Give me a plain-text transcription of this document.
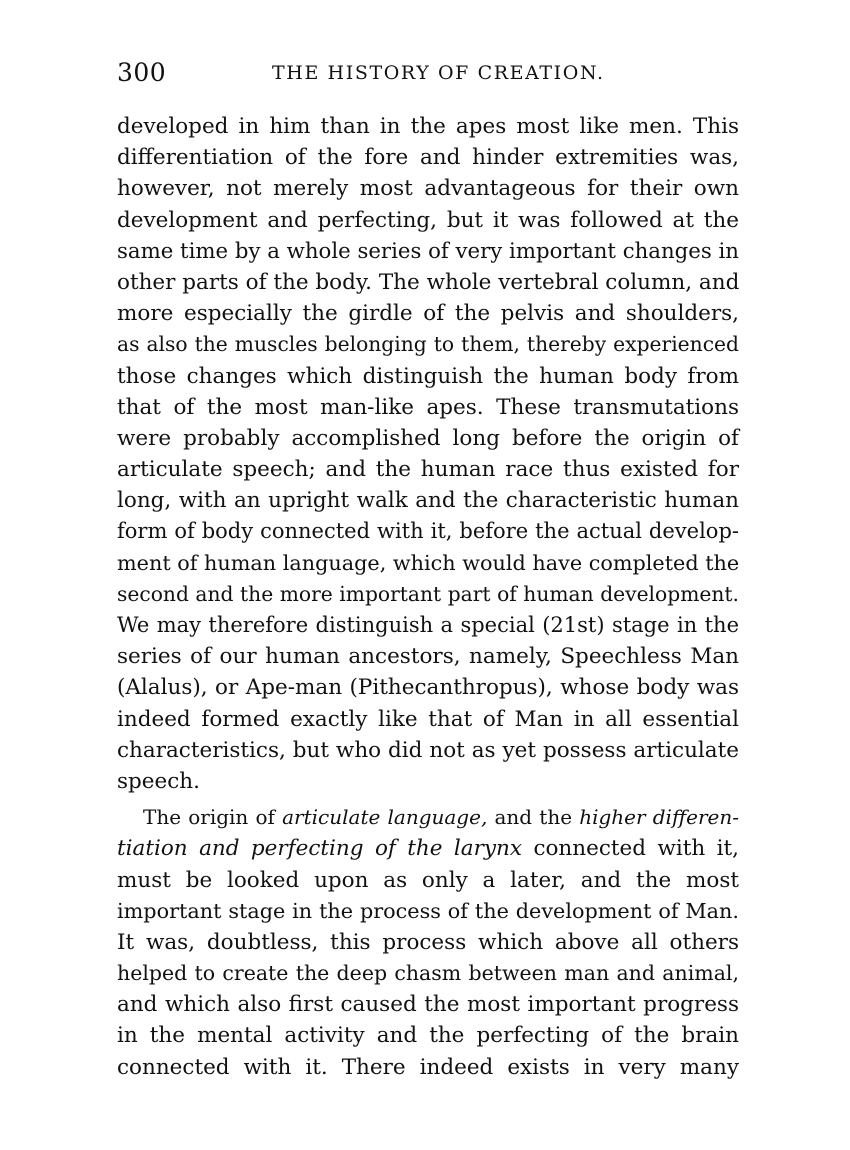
300	THE HISTORY OF CREATION.
developed in him than in the apes most like men. This
differentiation of the fore and hinder extremities was,
however, not merely most advantageous for their own
development and perfecting, but it was followed at the
same time by a whole series of very important changes in
other parts of the body. The whole vertebral column, and
more especially the girdle of the pelvis and shoulders,
as also the muscles belonging to them, thereby experienced
those changes which distinguish the human body from
that of the most man-like apes. These transmutations
were probably accomplished long before the origin of
articulate speech; and the human race thus existed for
long, with an upright walk and the characteristic human
form of body connected with it, before the actual develop-
ment of human language, which would have completed the
second and the more important part of human development.
We may therefore distinguish a special (21st) stage in the
series of our human ancestors, namely, Speechless Man
(Alalus), or Ape-man (Pithecanthropus), whose body was
indeed formed exactly like that of Man in all essential
characteristics, but who did not as yet possess articulate
speech.
The origin of articulate language, and the higher differen-
tiation and perfecting of the larynx connected with it,
must be looked upon as only a later, and the most
important stage in the process of the development of Man.
It was, doubtless, this process which above all others
helped to create the deep chasm between man and animal,
and which also first caused the most important progress
in the mental activity and the perfecting of the brain
connected with it. There indeed exists in very many
